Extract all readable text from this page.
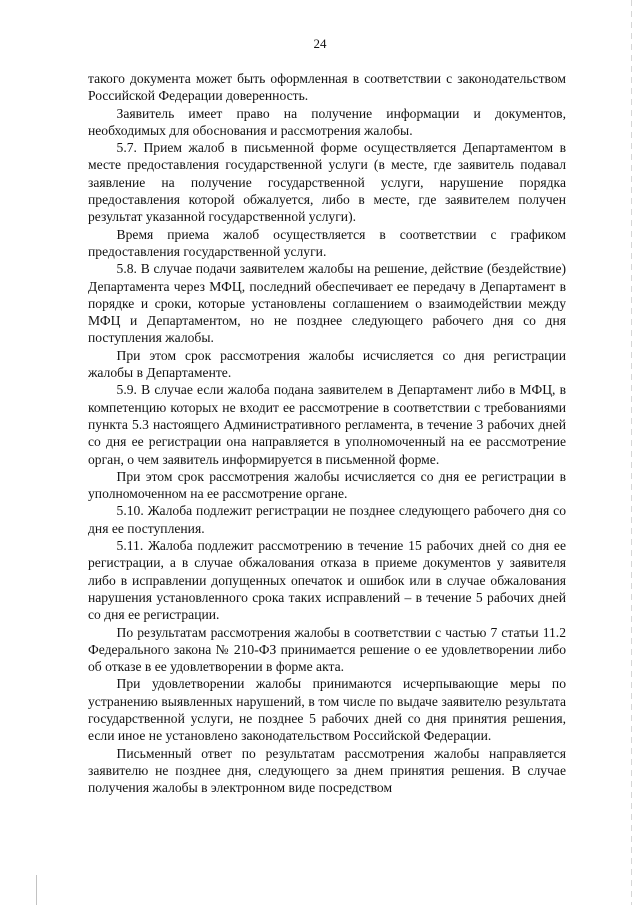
24

такого документа может быть оформленная в соответствии с законодательством Российской Федерации доверенность.

Заявитель имеет право на получение информации и документов, необходимых для обоснования и рассмотрения жалобы.

5.7. Прием жалоб в письменной форме осуществляется Департаментом в месте предоставления государственной услуги (в месте, где заявитель подавал заявление на получение государственной услуги, нарушение порядка предоставления которой обжалуется, либо в месте, где заявителем получен результат указанной государственной услуги).

Время приема жалоб осуществляется в соответствии с графиком предоставления государственной услуги.

5.8. В случае подачи заявителем жалобы на решение, действие (бездействие) Департамента через МФЦ, последний обеспечивает ее передачу в Департамент в порядке и сроки, которые установлены соглашением о взаимодействии между МФЦ и Департаментом, но не позднее следующего рабочего дня со дня поступления жалобы.

При этом срок рассмотрения жалобы исчисляется со дня регистрации жалобы в Департаменте.

5.9. В случае если жалоба подана заявителем в Департамент либо в МФЦ, в компетенцию которых не входит ее рассмотрение в соответствии с требованиями пункта 5.3 настоящего Административного регламента, в течение 3 рабочих дней со дня ее регистрации она направляется в уполномоченный на ее рассмотрение орган, о чем заявитель информируется в письменной форме.

При этом срок рассмотрения жалобы исчисляется со дня ее регистрации в уполномоченном на ее рассмотрение органе.

5.10. Жалоба подлежит регистрации не позднее следующего рабочего дня со дня ее поступления.

5.11. Жалоба подлежит рассмотрению в течение 15 рабочих дней со дня ее регистрации, а в случае обжалования отказа в приеме документов у заявителя либо в исправлении допущенных опечаток и ошибок или в случае обжалования нарушения установленного срока таких исправлений – в течение 5 рабочих дней со дня ее регистрации.

По результатам рассмотрения жалобы в соответствии с частью 7 статьи 11.2 Федерального закона № 210-ФЗ принимается решение о ее удовлетворении либо об отказе в ее удовлетворении в форме акта.

При удовлетворении жалобы принимаются исчерпывающие меры по устранению выявленных нарушений, в том числе по выдаче заявителю результата государственной услуги, не позднее 5 рабочих дней со дня принятия решения, если иное не установлено законодательством Российской Федерации.

Письменный ответ по результатам рассмотрения жалобы направляется заявителю не позднее дня, следующего за днем принятия решения. В случае получения жалобы в электронном виде посредством
